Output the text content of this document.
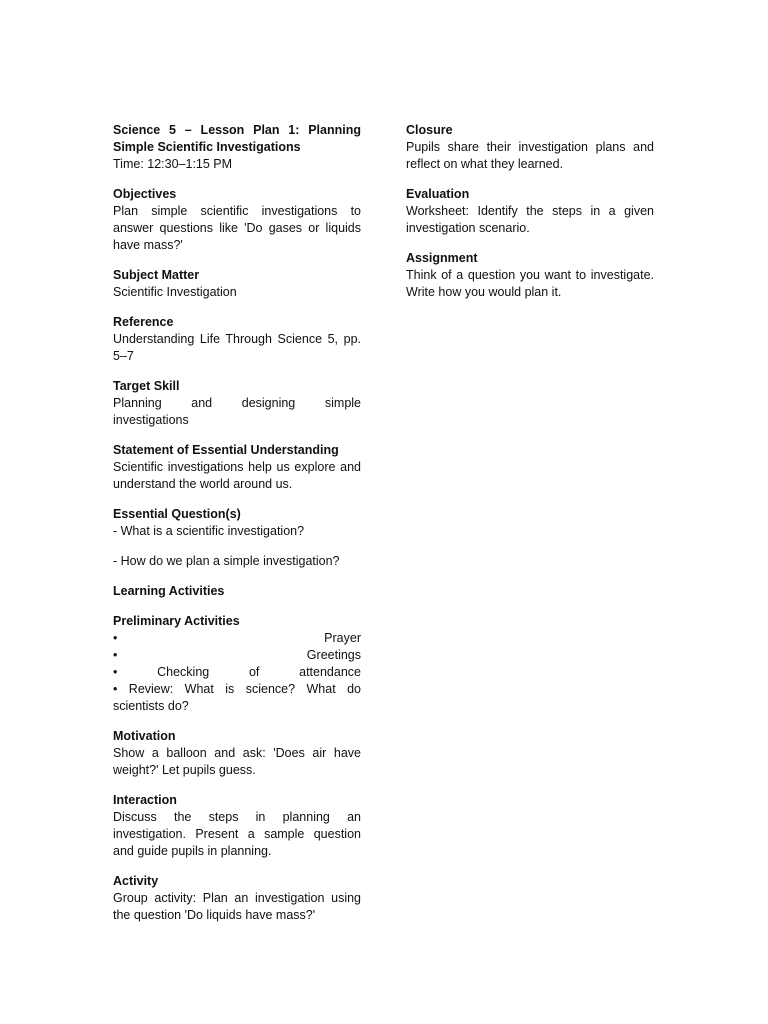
Science 5 – Lesson Plan 1: Planning Simple Scientific Investigations

Time: 12:30–1:15 PM

Objectives

Plan simple scientific investigations to answer questions like 'Do gases or liquids have mass?'

Subject Matter

Scientific Investigation

Reference

Understanding Life Through Science 5, pp. 5–7

Target Skill

Planning and designing simple

investigations

Statement of Essential Understanding

Scientific investigations help us explore and understand the world around us.

Essential Question(s)

- What is a scientific investigation?

- How do we plan a simple investigation?

Learning Activities

Preliminary Activities

• Prayer

• Greetings

• Checking of attendance

• Review: What is science? What do scientists do?

Motivation

Show a balloon and ask: 'Does air have weight?' Let pupils guess.

Interaction

Discuss the steps in planning an investigation. Present a sample question and guide pupils in planning.

Activity

Group activity: Plan an investigation using the question 'Do liquids have mass?'

Closure

Pupils share their investigation plans and reflect on what they learned.

Evaluation

Worksheet: Identify the steps in a given investigation scenario.

Assignment

Think of a question you want to investigate. Write how you would plan it.
